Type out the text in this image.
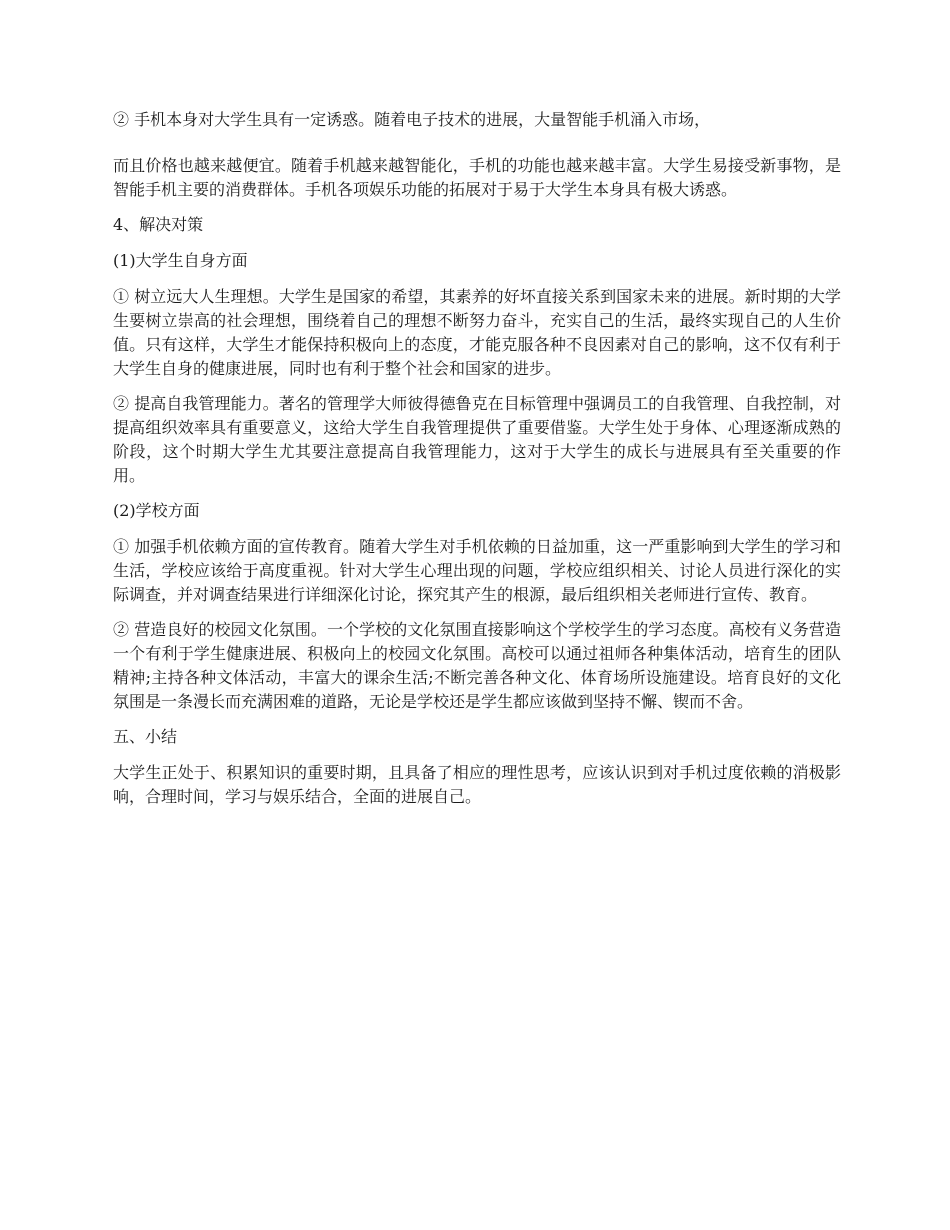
② 手机本身对大学生具有一定诱惑。随着电子技术的进展，大量智能手机涌入市场，

而且价格也越来越便宜。随着手机越来越智能化，手机的功能也越来越丰富。大学生易接受新事物，是智能手机主要的消费群体。手机各项娱乐功能的拓展对于易于大学生本身具有极大诱惑。

4、解决对策

(1)大学生自身方面

① 树立远大人生理想。大学生是国家的希望，其素养的好坏直接关系到国家未来的进展。新时期的大学生要树立崇高的社会理想，围绕着自己的理想不断努力奋斗，充实自己的生活，最终实现自己的人生价值。只有这样，大学生才能保持积极向上的态度，才能克服各种不良因素对自己的影响，这不仅有利于大学生自身的健康进展，同时也有利于整个社会和国家的进步。

② 提高自我管理能力。著名的管理学大师彼得德鲁克在目标管理中强调员工的自我管理、自我控制，对提高组织效率具有重要意义，这给大学生自我管理提供了重要借鉴。大学生处于身体、心理逐渐成熟的阶段，这个时期大学生尤其要注意提高自我管理能力，这对于大学生的成长与进展具有至关重要的作用。

(2)学校方面

① 加强手机依赖方面的宣传教育。随着大学生对手机依赖的日益加重，这一严重影响到大学生的学习和生活，学校应该给于高度重视。针对大学生心理出现的问题，学校应组织相关、讨论人员进行深化的实际调查，并对调查结果进行详细深化讨论，探究其产生的根源，最后组织相关老师进行宣传、教育。

② 营造良好的校园文化氛围。一个学校的文化氛围直接影响这个学校学生的学习态度。高校有义务营造一个有利于学生健康进展、积极向上的校园文化氛围。高校可以通过祖师各种集体活动，培育生的团队精神;主持各种文体活动，丰富大的课余生活;不断完善各种文化、体育场所设施建设。培育良好的文化氛围是一条漫长而充满困难的道路，无论是学校还是学生都应该做到坚持不懈、锲而不舍。

五、小结

大学生正处于、积累知识的重要时期，且具备了相应的理性思考，应该认识到对手机过度依赖的消极影响，合理时间，学习与娱乐结合，全面的进展自己。
